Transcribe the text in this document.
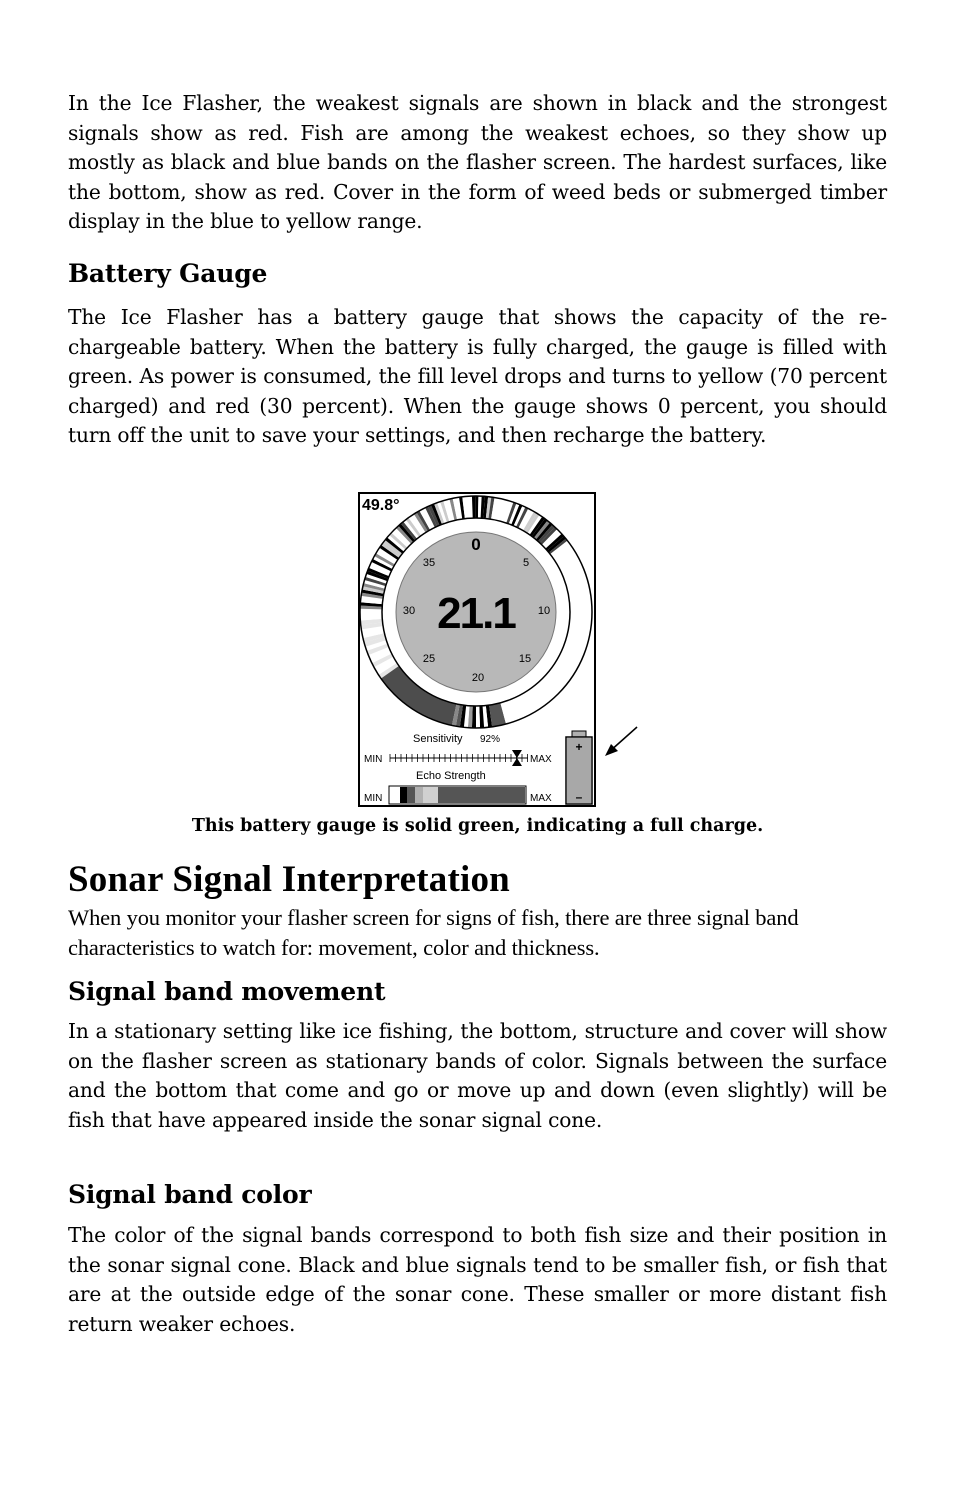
In the Ice Flasher, the weakest signals are shown in black and the strongest signals show as red. Fish are among the weakest echoes, so they show up mostly as black and blue bands on the flasher screen. The hardest surfaces, like the bottom, show as red. Cover in the form of weed beds or submerged timber display in the blue to yellow range.

Battery Gauge

The Ice Flasher has a battery gauge that shows the capacity of the re-chargeable battery. When the battery is fully charged, the gauge is filled with green. As power is consumed, the fill level drops and turns to yellow (70 percent charged) and red (30 percent). When the gauge shows 0 percent, you should turn off the unit to save your settings, and then recharge the battery.

This battery gauge is solid green, indicating a full charge.

Sonar Signal Interpretation

When you monitor your flasher screen for signs of fish, there are three signal band characteristics to watch for: movement, color and thickness.

Signal band movement

In a stationary setting like ice fishing, the bottom, structure and cover will show on the flasher screen as stationary bands of color. Signals between the surface and the bottom that come and go or move up and down (even slightly) will be fish that have appeared inside the sonar signal cone.

Signal band color

The color of the signal bands correspond to both fish size and their position in the sonar signal cone. Black and blue signals tend to be smaller fish, or fish that are at the outside edge of the sonar cone. These smaller or more distant fish return weaker echoes.

49.8°
21.1
0
5
10
15
20
25
30
35
Sensitivity 92%
MIN	MAX
Echo Strength
MIN	MAX
+
–
